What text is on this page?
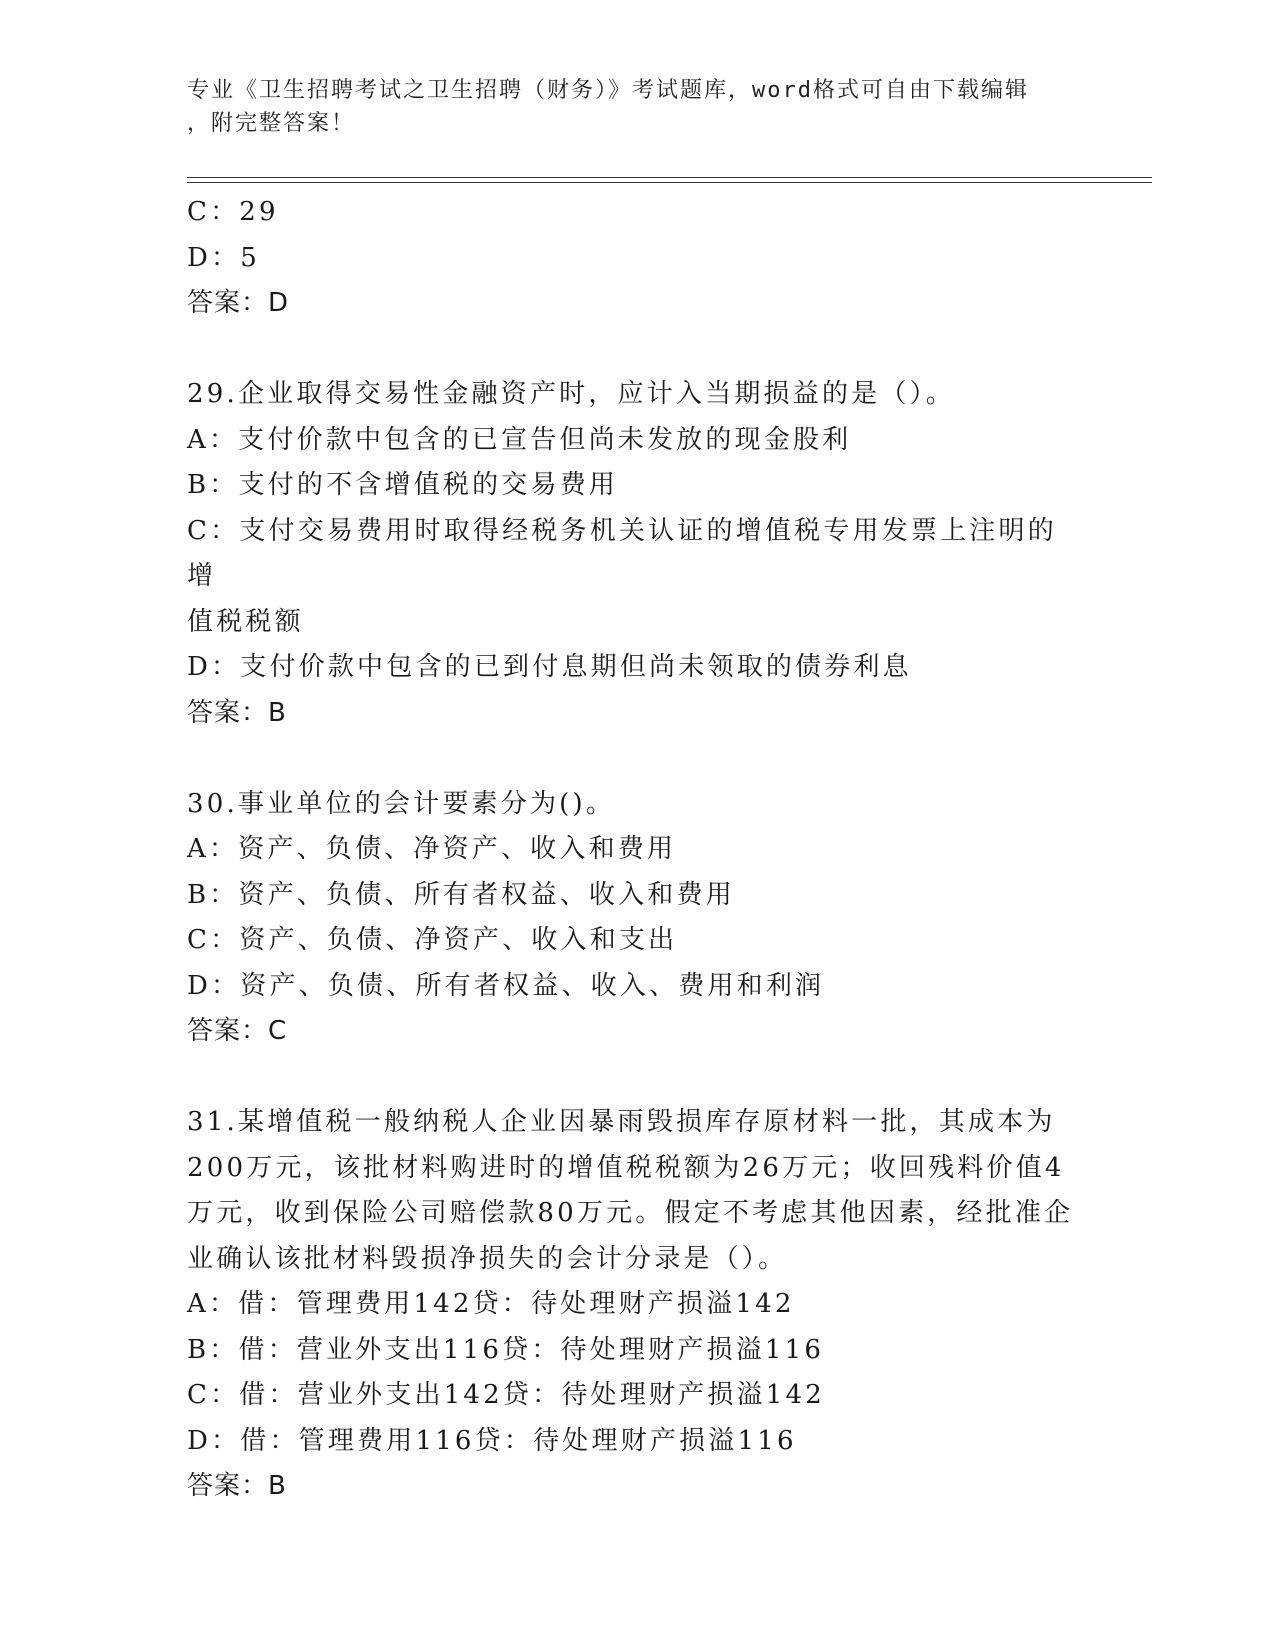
专业《卫生招聘考试之卫生招聘（财务）》考试题库，word格式可自由下载编辑
，附完整答案！
C：29
D：5
答案：D
29.企业取得交易性金融资产时，应计入当期损益的是（）。
A：支付价款中包含的已宣告但尚未发放的现金股利
B：支付的不含增值税的交易费用
C：支付交易费用时取得经税务机关认证的增值税专用发票上注明的增
值税税额
D：支付价款中包含的已到付息期但尚未领取的债券利息
答案：B
30.事业单位的会计要素分为()。
A：资产、负债、净资产、收入和费用
B：资产、负债、所有者权益、收入和费用
C：资产、负债、净资产、收入和支出
D：资产、负债、所有者权益、收入、费用和利润
答案：C
31.某增值税一般纳税人企业因暴雨毁损库存原材料一批，其成本为
200万元，该批材料购进时的增值税税额为26万元；收回残料价值4
万元，收到保险公司赔偿款80万元。假定不考虑其他因素，经批准企
业确认该批材料毁损净损失的会计分录是（）。
A：借：管理费用142贷：待处理财产损溢142
B：借：营业外支出116贷：待处理财产损溢116
C：借：营业外支出142贷：待处理财产损溢142
D：借：管理费用116贷：待处理财产损溢116
答案：B
